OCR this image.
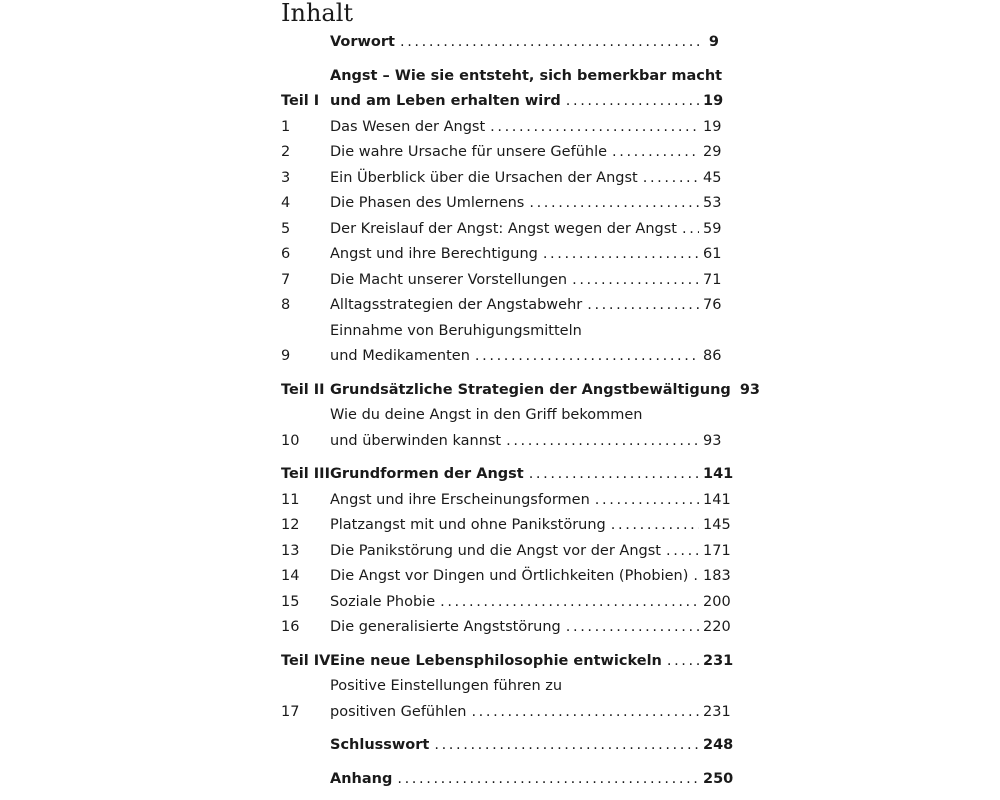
Inhalt
Vorwort . . .	9
Teil I
Angst – Wie sie entsteht, sich bemerkbar macht
und am Leben erhalten wird . . .	19
1	Das Wesen der Angst . . .	19
2	Die wahre Ursache für unsere Gefühle . . .	29
3	Ein Überblick über die Ursachen der Angst . . .	45
4	Die Phasen des Umlernens . . .	53
5	Der Kreislauf der Angst: Angst wegen der Angst . . . 59
6	Angst und ihre Berechtigung . . .	61
7	Die Macht unserer Vorstellungen . . .	71
8	Alltagsstrategien der Angstabwehr . . .	76
9
Einnahme von Beruhigungsmitteln
und Medikamenten . . .	86
Teil II Grundsätzliche Strategien der Angstbewältigung 93
10
Wie du deine Angst in den Griff bekommen
und überwinden kannst . . .	93
Teil III Grundformen der Angst . . .	141
11	Angst und ihre Erscheinungsformen . . .	141
12	Platzangst mit und ohne Panikstörung . . .	145
13	Die Panikstörung und die Angst vor der Angst . . .	171
14	Die Angst vor Dingen und Örtlichkeiten (Phobien) . . . 183
15	Soziale Phobie . . .	200
16	Die generalisierte Angststörung . . .	220
Teil IV Eine neue Lebensphilosophie entwickeln . . .	231
17
Positive Einstellungen führen zu
positiven Gefühlen . . .	231
Schlusswort . . .	248
Anhang . . .	250
